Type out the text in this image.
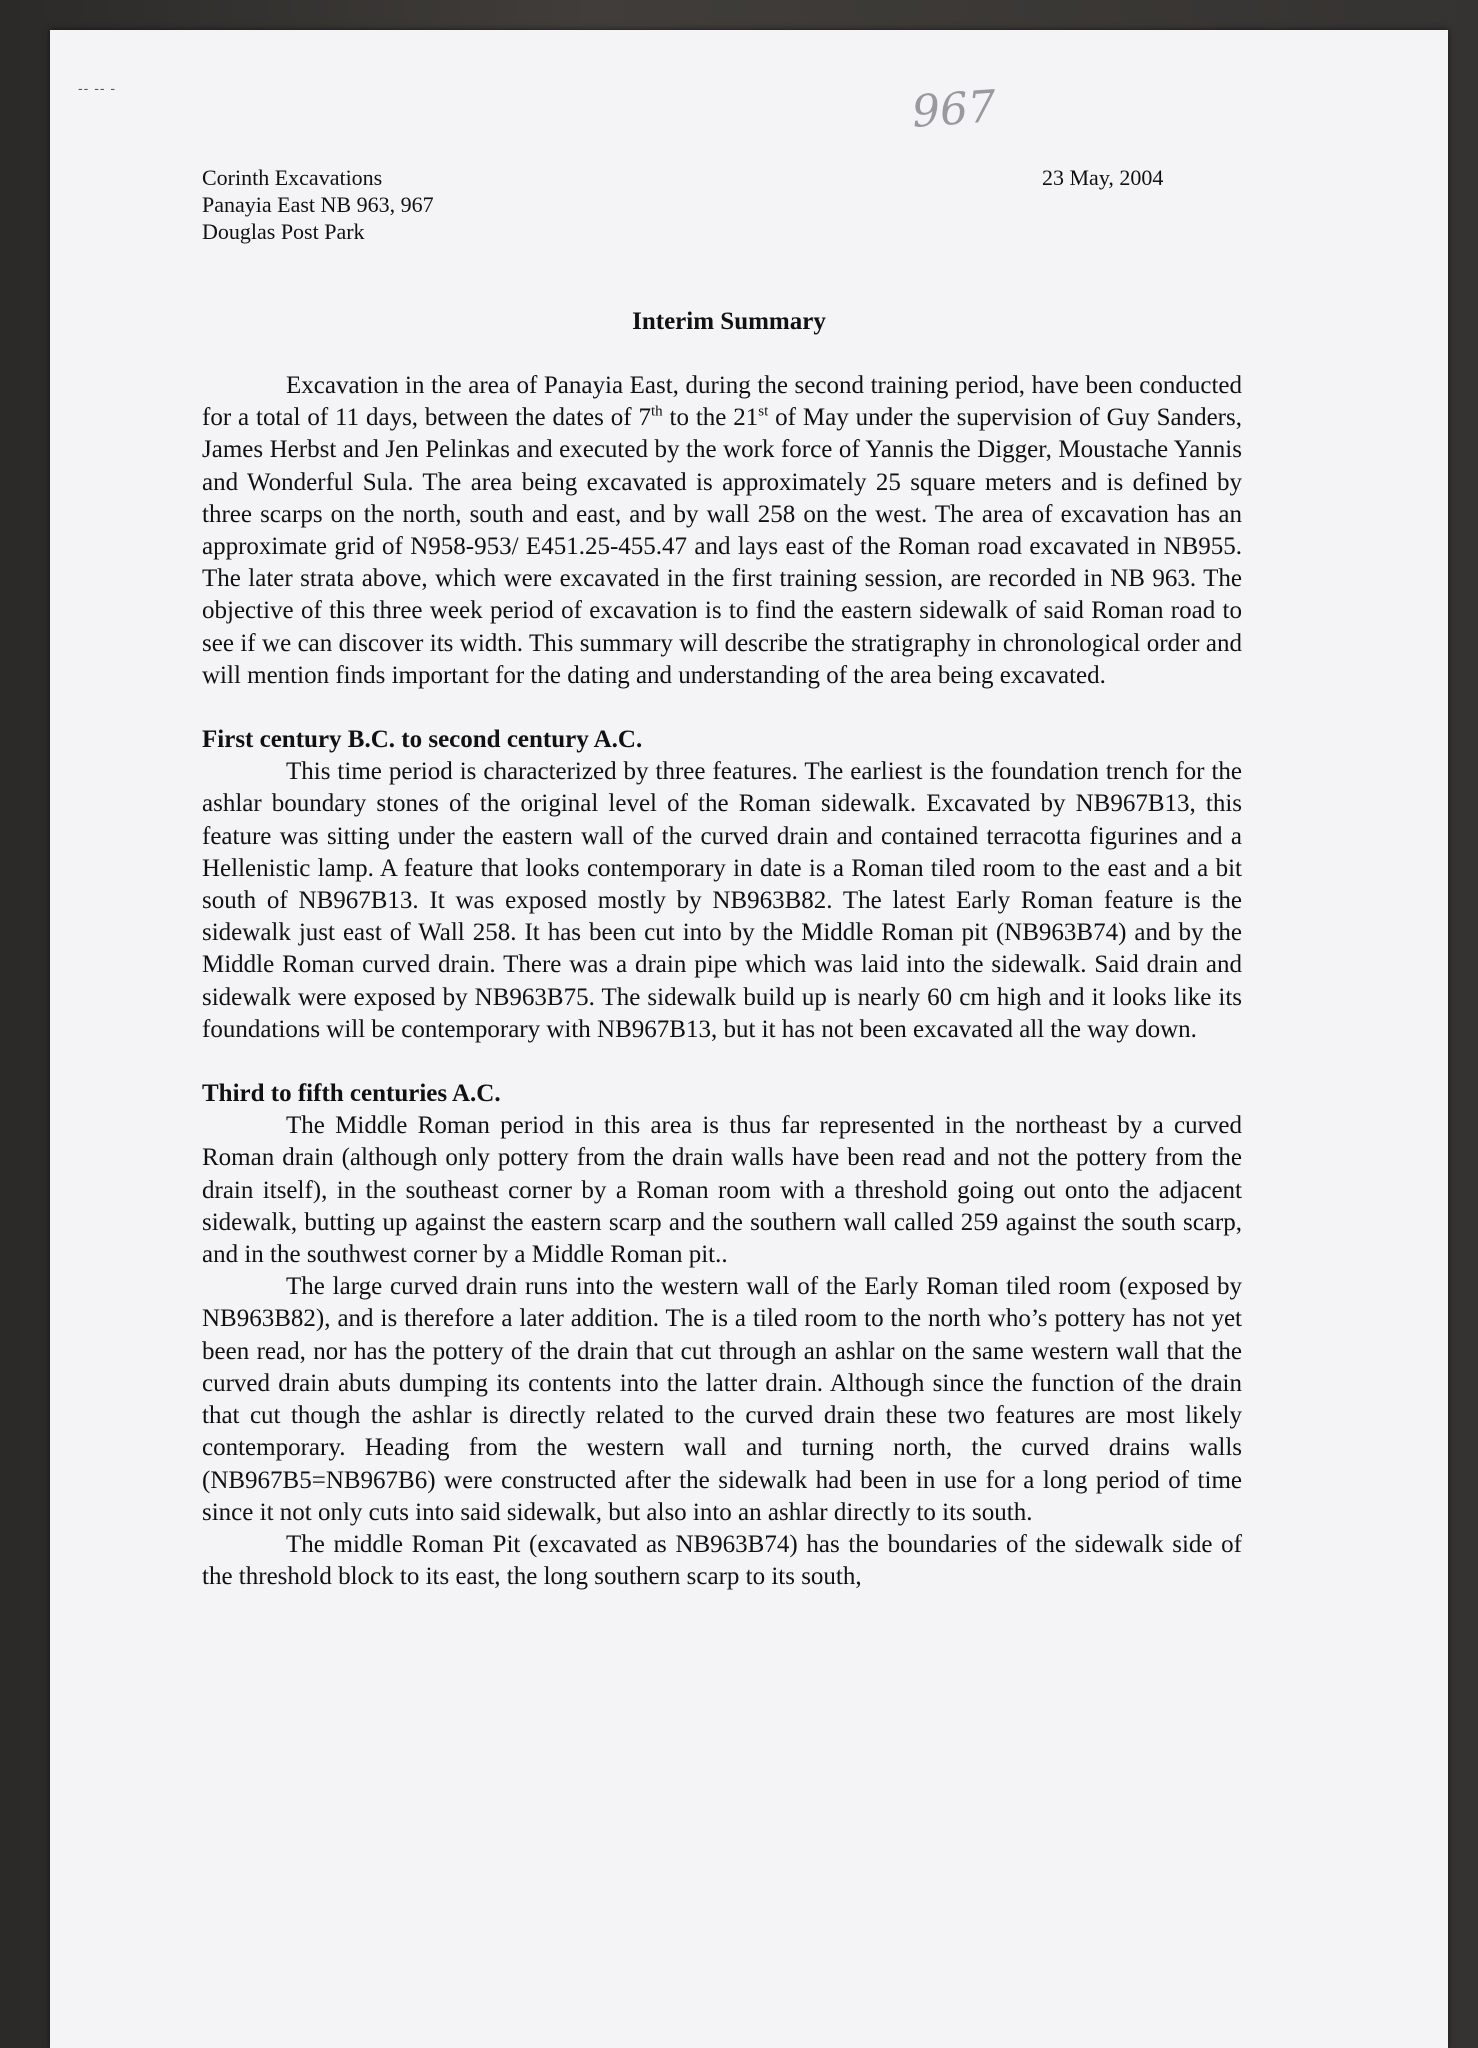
-- -- -	967
Corinth Excavations
Panayia East NB 963, 967
Douglas Post Park
23 May, 2004
Interim Summary

Excavation in the area of Panayia East, during the second training period, have been conducted for a total of 11 days, between the dates of 7th to the 21st of May under the supervision of Guy Sanders, James Herbst and Jen Pelinkas and executed by the work force of Yannis the Digger, Moustache Yannis and Wonderful Sula. The area being excavated is approximately 25 square meters and is defined by three scarps on the north, south and east, and by wall 258 on the west. The area of excavation has an approximate grid of N958-953/ E451.25-455.47 and lays east of the Roman road excavated in NB955. The later strata above, which were excavated in the first training session, are recorded in NB 963. The objective of this three week period of excavation is to find the eastern sidewalk of said Roman road to see if we can discover its width. This summary will describe the stratigraphy in chronological order and will mention finds important for the dating and understanding of the area being excavated.

First century B.C. to second century A.C.

This time period is characterized by three features. The earliest is the foundation trench for the ashlar boundary stones of the original level of the Roman sidewalk. Excavated by NB967B13, this feature was sitting under the eastern wall of the curved drain and contained terracotta figurines and a Hellenistic lamp. A feature that looks contemporary in date is a Roman tiled room to the east and a bit south of NB967B13. It was exposed mostly by NB963B82. The latest Early Roman feature is the sidewalk just east of Wall 258. It has been cut into by the Middle Roman pit (NB963B74) and by the Middle Roman curved drain. There was a drain pipe which was laid into the sidewalk. Said drain and sidewalk were exposed by NB963B75. The sidewalk build up is nearly 60 cm high and it looks like its foundations will be contemporary with NB967B13, but it has not been excavated all the way down.

Third to fifth centuries A.C.

The Middle Roman period in this area is thus far represented in the northeast by a curved Roman drain (although only pottery from the drain walls have been read and not the pottery from the drain itself), in the southeast corner by a Roman room with a threshold going out onto the adjacent sidewalk, butting up against the eastern scarp and the southern wall called 259 against the south scarp, and in the southwest corner by a Middle Roman pit..

The large curved drain runs into the western wall of the Early Roman tiled room (exposed by NB963B82), and is therefore a later addition. The is a tiled room to the north who’s pottery has not yet been read, nor has the pottery of the drain that cut through an ashlar on the same western wall that the curved drain abuts dumping its contents into the latter drain. Although since the function of the drain that cut though the ashlar is directly related to the curved drain these two features are most likely contemporary. Heading from the western wall and turning north, the curved drains walls (NB967B5=NB967B6) were constructed after the sidewalk had been in use for a long period of time since it not only cuts into said sidewalk, but also into an ashlar directly to its south.

The middle Roman Pit (excavated as NB963B74) has the boundaries of the sidewalk side of the threshold block to its east, the long southern scarp to its south,
